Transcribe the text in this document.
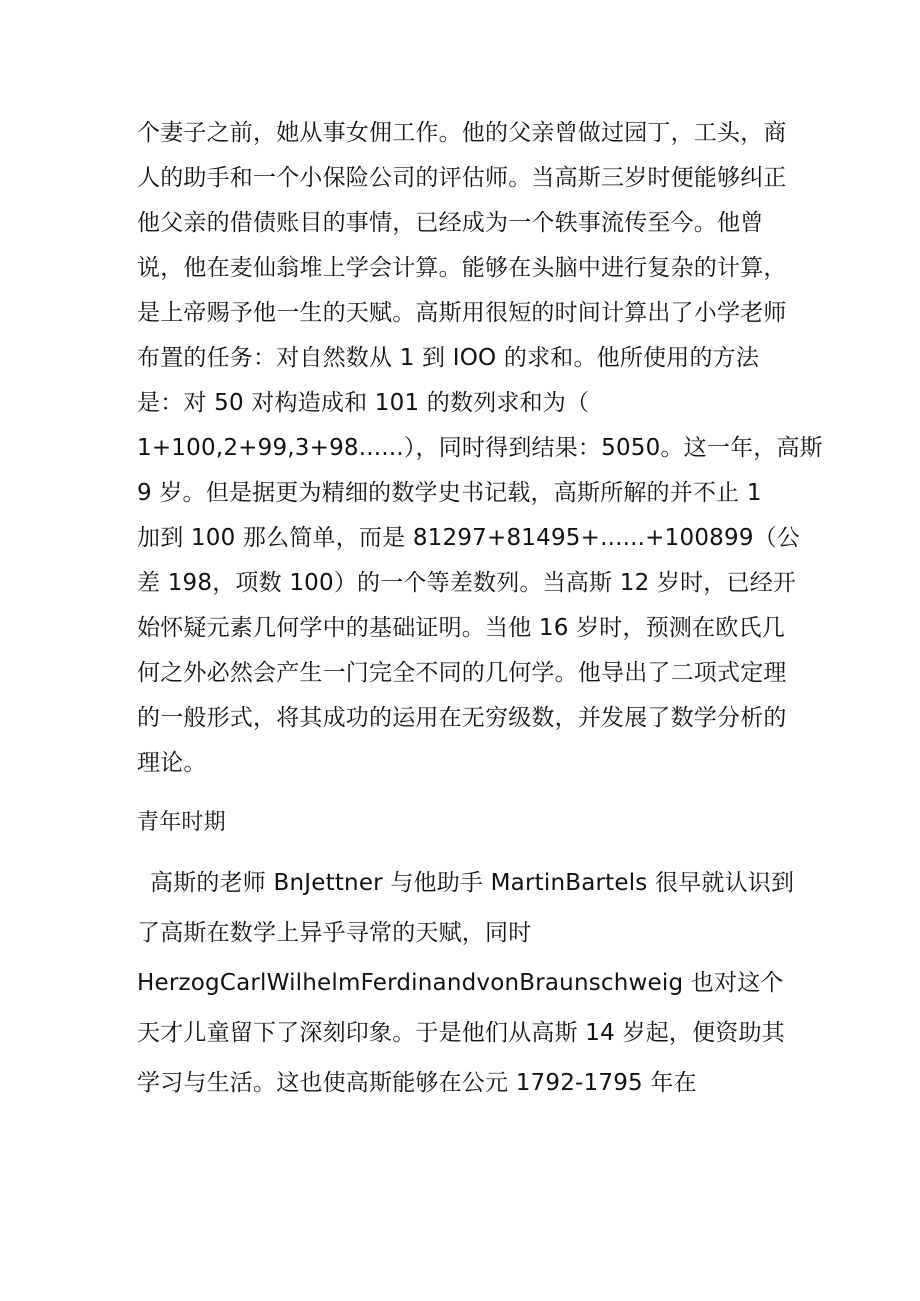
个妻子之前，她从事女佣工作。他的父亲曾做过园丁，工头，商
人的助手和一个小保险公司的评估师。当高斯三岁时便能够纠正
他父亲的借债账目的事情，已经成为一个轶事流传至今。他曾
说，他在麦仙翁堆上学会计算。能够在头脑中进行复杂的计算，
是上帝赐予他一生的天赋。高斯用很短的时间计算出了小学老师
布置的任务：对自然数从 1 到 IOO 的求和。他所使用的方法
是：对 50 对构造成和 101 的数列求和为（
1+100,2+99,3+98......），同时得到结果：5050。这一年，高斯
9 岁。但是据更为精细的数学史书记载，高斯所解的并不止 1
加到 100 那么简单，而是 81297+81495+......+100899（公
差 198，项数 100）的一个等差数列。当高斯 12 岁时，已经开
始怀疑元素几何学中的基础证明。当他 16 岁时，预测在欧氏几
何之外必然会产生一门完全不同的几何学。他导出了二项式定理
的一般形式，将其成功的运用在无穷级数，并发展了数学分析的
理论。
青年时期
高斯的老师 BnJettner 与他助手 MartinBartels 很早就认识到
了高斯在数学上异乎寻常的天赋，同时
HerzogCarlWilhelmFerdinandvonBraunschweig 也对这个
天才儿童留下了深刻印象。于是他们从高斯 14 岁起，便资助其
学习与生活。这也使高斯能够在公元 1792-1795 年在
